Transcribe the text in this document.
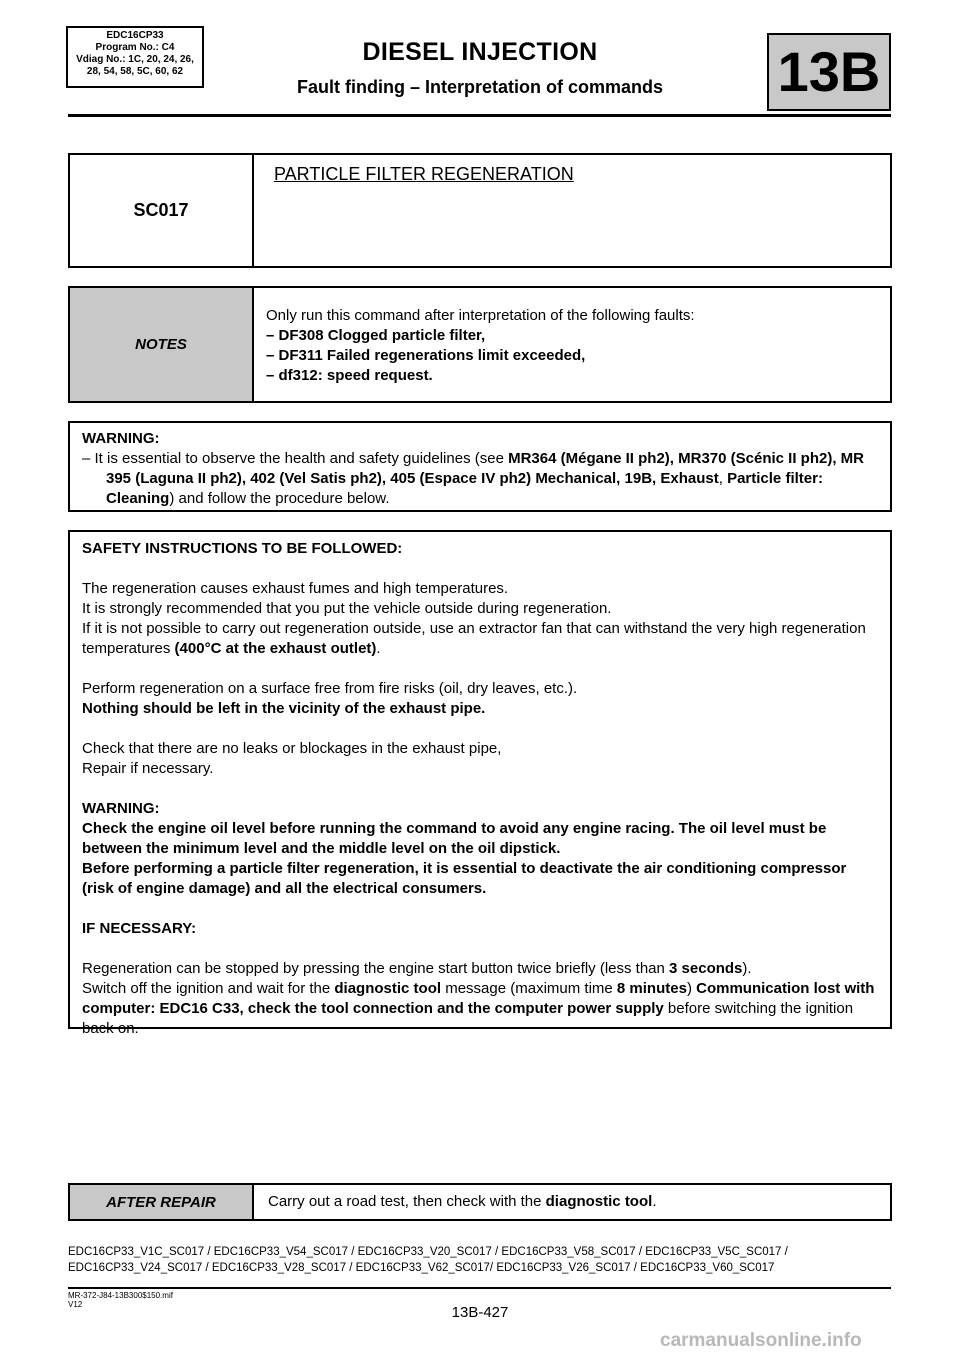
EDC16CP33
Program No.: C4
Vdiag No.: 1C, 20, 24, 26,
28, 54, 58, 5C, 60, 62
DIESEL INJECTION
Fault finding – Interpretation of commands	13B
SC017
PARTICLE FILTER REGENERATION
NOTES

Only run this command after interpretation of the following faults:

– DF308 Clogged particle filter,

– DF311 Failed regenerations limit exceeded,

– df312: speed request.

WARNING:

– It is essential to observe the health and safety guidelines (see MR364 (Mégane II ph2), MR370 (Scénic II ph2), MR 395 (Laguna II ph2), 402 (Vel Satis ph2), 405 (Espace IV ph2) Mechanical, 19B, Exhaust, Particle filter: Cleaning) and follow the procedure below.

SAFETY INSTRUCTIONS TO BE FOLLOWED:

The regeneration causes exhaust fumes and high temperatures.

It is strongly recommended that you put the vehicle outside during regeneration.

If it is not possible to carry out regeneration outside, use an extractor fan that can withstand the very high regeneration temperatures (400°C at the exhaust outlet).

Perform regeneration on a surface free from fire risks (oil, dry leaves, etc.).

Nothing should be left in the vicinity of the exhaust pipe.

Check that there are no leaks or blockages in the exhaust pipe,

Repair if necessary.

WARNING:

Check the engine oil level before running the command to avoid any engine racing. The oil level must be between the minimum level and the middle level on the oil dipstick.

Before performing a particle filter regeneration, it is essential to deactivate the air conditioning compressor (risk of engine damage) and all the electrical consumers.

IF NECESSARY:

Regeneration can be stopped by pressing the engine start button twice briefly (less than 3 seconds).

Switch off the ignition and wait for the diagnostic tool message (maximum time 8 minutes) Communication lost with computer: EDC16 C33, check the tool connection and the computer power supply before switching the ignition back on.

AFTER REPAIR	Carry out a road test, then check with the diagnostic tool.
EDC16CP33_V1C_SC017 / EDC16CP33_V54_SC017 / EDC16CP33_V20_SC017 / EDC16CP33_V58_SC017 / EDC16CP33_V5C_SC017 /
EDC16CP33_V24_SC017 / EDC16CP33_V28_SC017 / EDC16CP33_V62_SC017/ EDC16CP33_V26_SC017 / EDC16CP33_V60_SC017
MR-372-J84-13B300$150.mif
V12	13B-427
carmanualsonline.info
